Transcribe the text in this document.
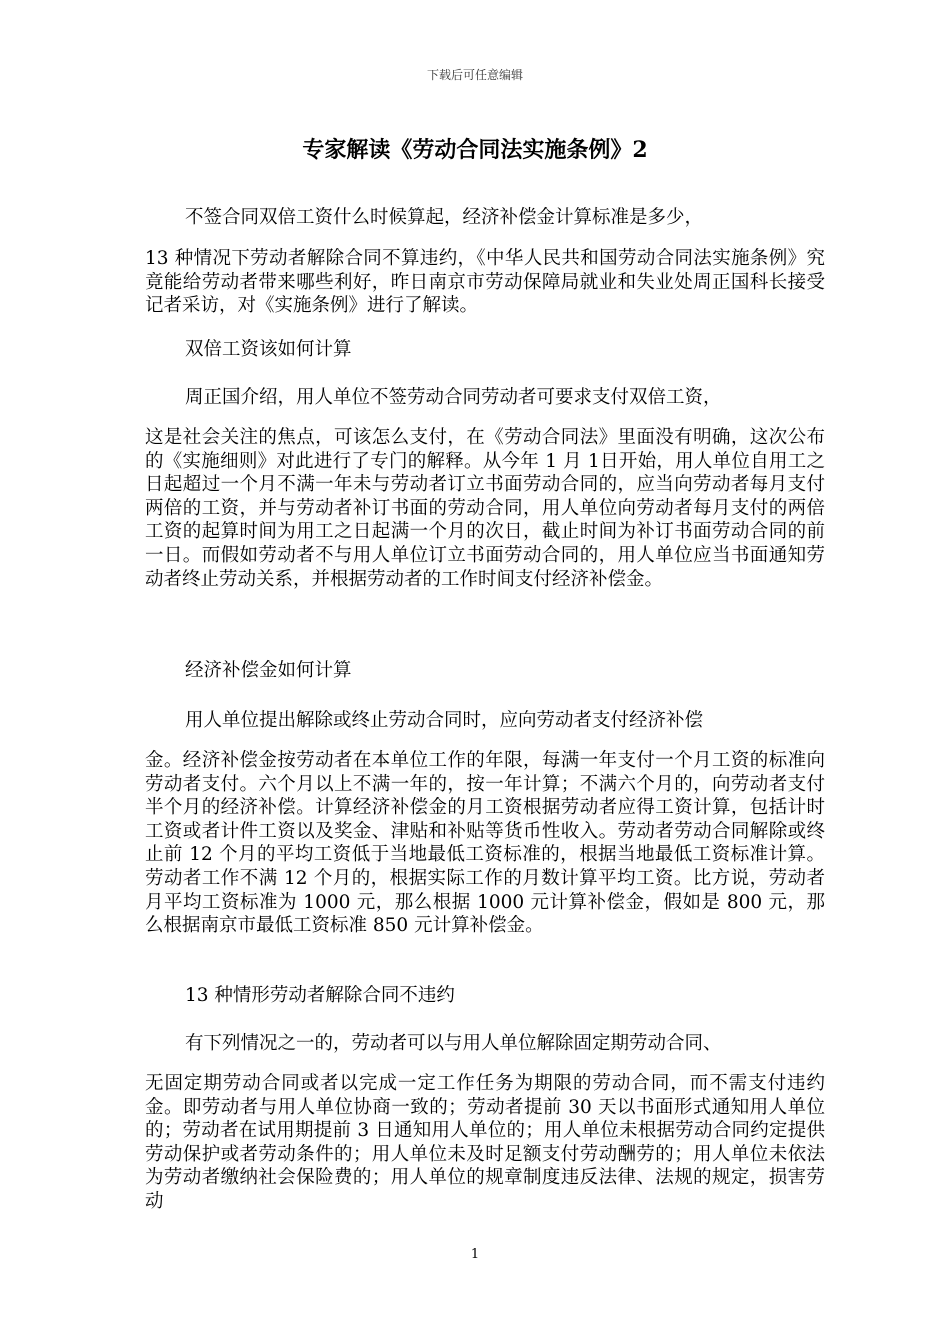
下载后可任意编辑
专家解读《劳动合同法实施条例》2

不签合同双倍工资什么时候算起，经济补偿金计算标准是多少，

13 种情况下劳动者解除合同不算违约，《中华人民共和国劳动合同法实施条例》究竟能给劳动者带来哪些利好，昨日南京市劳动保障局就业和失业处周正国科长接受记者采访，对《实施条例》进行了解读。

双倍工资该如何计算

周正国介绍，用人单位不签劳动合同劳动者可要求支付双倍工资，

这是社会关注的焦点，可该怎么支付，在《劳动合同法》里面没有明确，这次公布的《实施细则》对此进行了专门的解释。从今年 1 月 1日开始，用人单位自用工之日起超过一个月不满一年未与劳动者订立书面劳动合同的，应当向劳动者每月支付两倍的工资，并与劳动者补订书面的劳动合同，用人单位向劳动者每月支付的两倍工资的起算时间为用工之日起满一个月的次日，截止时间为补订书面劳动合同的前一日。而假如劳动者不与用人单位订立书面劳动合同的，用人单位应当书面通知劳动者终止劳动关系，并根据劳动者的工作时间支付经济补偿金。

经济补偿金如何计算

用人单位提出解除或终止劳动合同时，应向劳动者支付经济补偿

金。经济补偿金按劳动者在本单位工作的年限，每满一年支付一个月工资的标准向劳动者支付。六个月以上不满一年的，按一年计算；不满六个月的，向劳动者支付半个月的经济补偿。计算经济补偿金的月工资根据劳动者应得工资计算，包括计时工资或者计件工资以及奖金、津贴和补贴等货币性收入。劳动者劳动合同解除或终止前 12 个月的平均工资低于当地最低工资标准的，根据当地最低工资标准计算。劳动者工作不满 12 个月的，根据实际工作的月数计算平均工资。比方说，劳动者月平均工资标准为 1000 元，那么根据 1000 元计算补偿金，假如是 800 元，那么根据南京市最低工资标准 850 元计算补偿金。

13 种情形劳动者解除合同不违约

有下列情况之一的，劳动者可以与用人单位解除固定期劳动合同、

无固定期劳动合同或者以完成一定工作任务为期限的劳动合同，而不需支付违约金。即劳动者与用人单位协商一致的；劳动者提前 30 天以书面形式通知用人单位的；劳动者在试用期提前 3 日通知用人单位的；用人单位未根据劳动合同约定提供劳动保护或者劳动条件的；用人单位未及时足额支付劳动酬劳的；用人单位未依法为劳动者缴纳社会保险费的；用人单位的规章制度违反法律、法规的规定，损害劳动

1
